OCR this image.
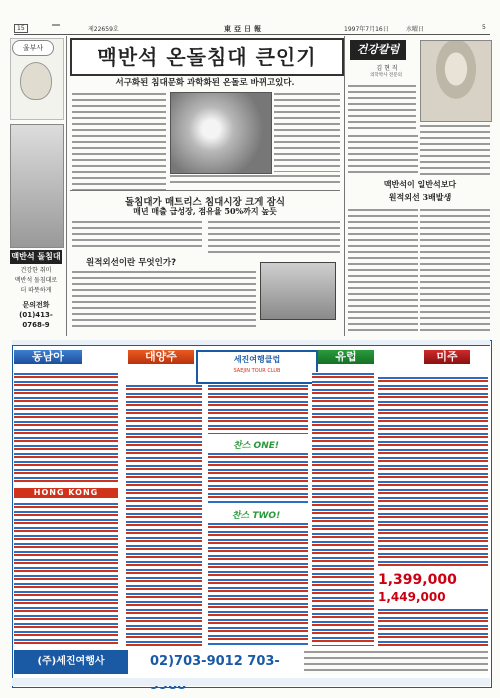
15	제22659호	東亞日報	1997年7月16日	水曜日	5
울부사
맥반석 돌침대
건강한 취미
맥반석 돌침대로
더 따뜻하게
문의전화
(01)413-0768-9
맥반석 온돌침대 큰인기
서구화된 침대문화 과학화된 온돌로 바뀌고있다.
돌침대가 매트리스 침대시장 크게 잠식
매년 매출 급성장, 점유율 50%까지 높듯
원적외선이란 무엇인가?
건강칼럼
김 현 직
의학박사 전문의
맥반석이 일반석보다
원적외선 3배발생
동남아	대양주	유럽	미주
세진여행클럽
SAEJIN TOUR CLUB
HONG KONG
찬스 ONE!
찬스 TWO!
1,399,000
1,449,000
(주)세진여행사	02)703-9012 703-
